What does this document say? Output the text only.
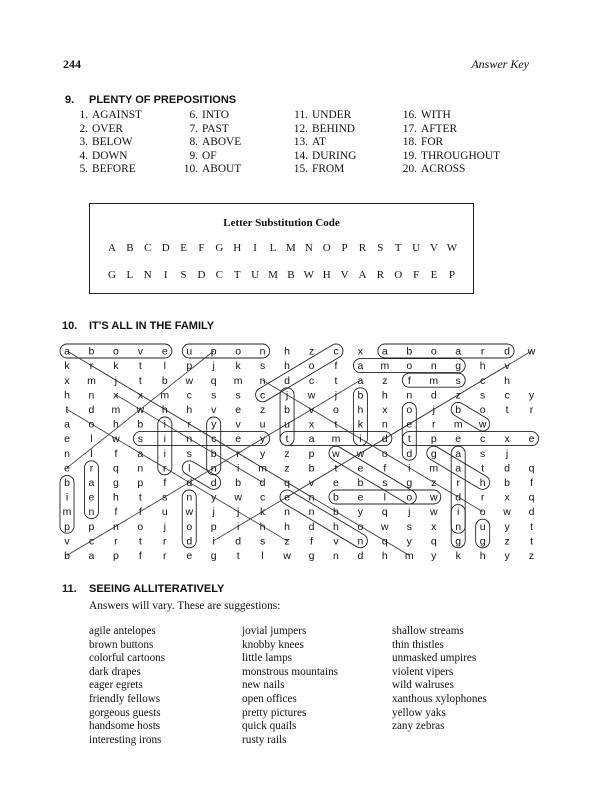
244	Answer Key
9. PLENTY OF PREPOSITIONS
1. AGAINST
2. OVER
3. BELOW
4. DOWN
5. BEFORE
6. INTO
7. PAST
8. ABOVE
9. OF
10. ABOUT
11. UNDER
12. BEHIND
13. AT
14. DURING
15. FROM
16. WITH
17. AFTER
18. FOR
19. THROUGHOUT
20. ACROSS
Letter Substitution Code
A B C D E	F G H	I	L M N O P	R	S	T U V W
G L N	I	S D C T U M B W H V A R O F	E	P
10. IT'S ALL IN THE FAMILY
a b o v e u p o n h z c x a b o a r d w
k r k t l p j k s h o f a m o n g h v
x m j t b w q m n d c t a z f m s c h
h n x x m c s s c j w j b h n d z s c y
t d m w h h v e z b v o h x o j b o t r
a o h b i r y v u u x t k n e r m w
e l w s i n c e y t a m i d t p e c x e
n l f a i s b r y z p w w o d g a s j
e r q n r l n i m z b t e f i m a t d q
b a g p f d d b d q v e b s g z r h b f
i e h t s n y w c e n b e l o w d r x q
m n f f u w j j k n n b y q j w i o w d
p p n o j o p i h h d h o w s x n u y t
v c r t r d i d s z f v n q y q g g z t
b a p f r e g t l w g n d h m y k h y z
11. SEEING ALLITERATIVELY
Answers will vary. These are suggestions:
agile antelopes
brown buttons
colorful cartoons
dark drapes
eager egrets
friendly fellows
gorgeous guests
handsome hosts
interesting irons
jovial jumpers
knobby knees
little lamps
monstrous mountains
new nails
open offices
pretty pictures
quick quails
rusty rails
shallow streams
thin thistles
unmasked umpires
violent vipers
wild walruses
xanthous xylophones
yellow yaks
zany zebras
